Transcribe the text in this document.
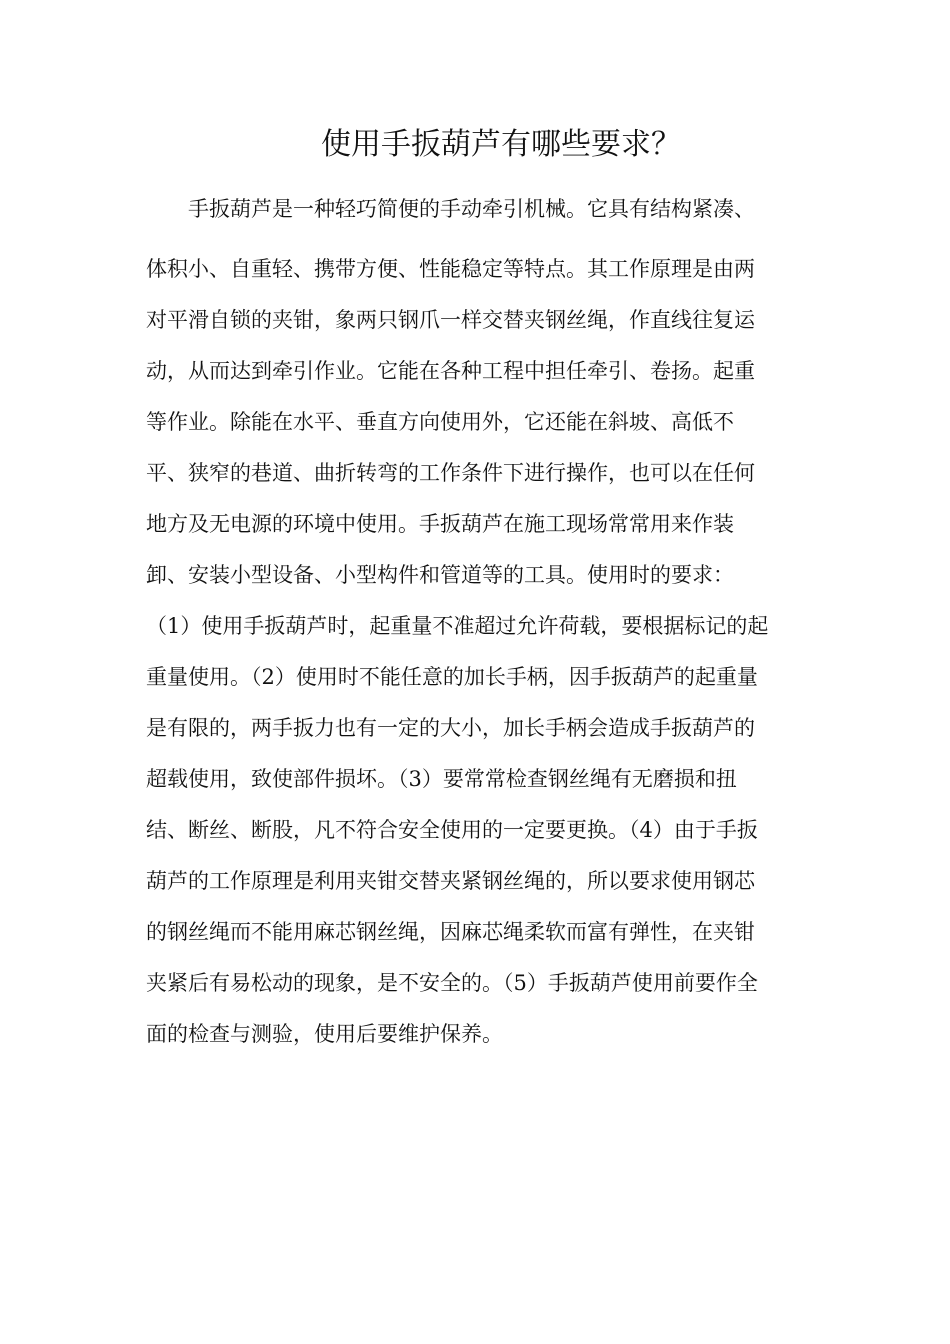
使用手扳葫芦有哪些要求？
　　手扳葫芦是一种轻巧简便的手动牵引机械。它具有结构紧凑、
体积小、自重轻、携带方便、性能稳定等特点。其工作原理是由两
对平滑自锁的夹钳，象两只钢爪一样交替夹钢丝绳，作直线往复运
动，从而达到牵引作业。它能在各种工程中担任牵引、卷扬。起重
等作业。除能在水平、垂直方向使用外，它还能在斜坡、高低不
平、狭窄的巷道、曲折转弯的工作条件下进行操作，也可以在任何
地方及无电源的环境中使用。手扳葫芦在施工现场常常用来作装
卸、安装小型设备、小型构件和管道等的工具。使用时的要求：
（1）使用手扳葫芦时，起重量不准超过允许荷载，要根据标记的起
重量使用。（2）使用时不能任意的加长手柄，因手扳葫芦的起重量
是有限的，两手扳力也有一定的大小，加长手柄会造成手扳葫芦的
超载使用，致使部件损坏。（3）要常常检查钢丝绳有无磨损和扭
结、断丝、断股，凡不符合安全使用的一定要更换。（4）由于手扳
葫芦的工作原理是利用夹钳交替夹紧钢丝绳的，所以要求使用钢芯
的钢丝绳而不能用麻芯钢丝绳，因麻芯绳柔软而富有弹性，在夹钳
夹紧后有易松动的现象，是不安全的。（5）手扳葫芦使用前要作全
面的检查与测验，使用后要维护保养。
